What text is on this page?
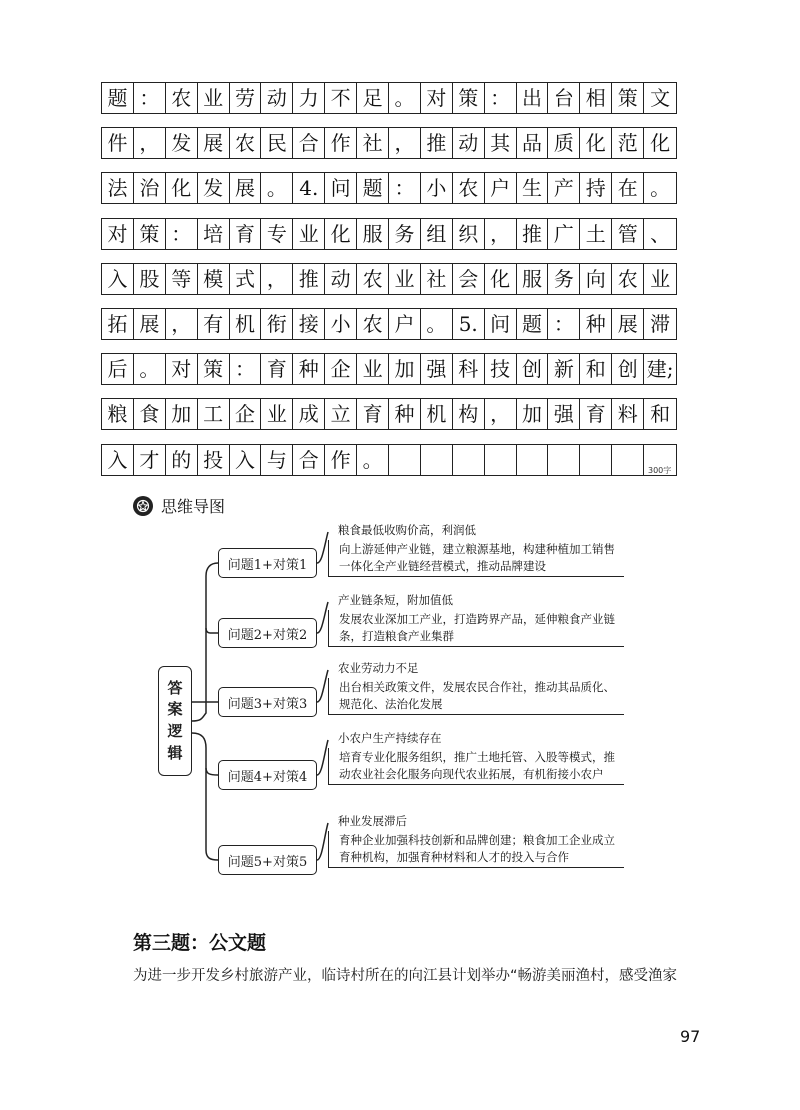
题 ： 农 业 劳 动 力 不 足 。 对 策 ： 出 台 相 策 文
件 ， 发 展 农 民 合 作 社 ， 推 动 其 品 质 化 范 化
法 治 化 发 展 。 4. 问 题 ： 小 农 户 生 产 持 在 。
对 策 ： 培 育 专 业 化 服 务 组 织 ， 推 广 土 管 、
入 股 等 模 式 ， 推 动 农 业 社 会 化 服 务 向 农 业
拓 展 ， 有 机 衔 接 小 农 户 。 5. 问 题 ： 种 展 滞
后 。 对 策 ： 育 种 企 业 加 强 科 技 创 新 和 创 建;
粮 食 加 工 企 业 成 立 育 种 机 构 ， 加 强 育 料 和
入 才 的 投 入 与 合 作 。	300字
思维导图
答
案
逻
辑
问题1+对策1
粮食最低收购价高，利润低
向上游延伸产业链，建立粮源基地，构建种植加工销售一体化全产业链经营模式，推动品牌建设
问题2+对策2
产业链条短，附加值低
发展农业深加工产业，打造跨界产品，延伸粮食产业链条，打造粮食产业集群
问题3+对策3
农业劳动力不足
出台相关政策文件，发展农民合作社，推动其品质化、规范化、法治化发展
问题4+对策4
小农户生产持续存在
培育专业化服务组织，推广土地托管、入股等模式，推动农业社会化服务向现代农业拓展，有机衔接小农户
问题5+对策5
种业发展滞后
育种企业加强科技创新和品牌创建；粮食加工企业成立育种机构，加强育种材料和人才的投入与合作
第三题：公文题
为进一步开发乡村旅游产业，临诗村所在的向江县计划举办“畅游美丽渔村，感受渔家
97
